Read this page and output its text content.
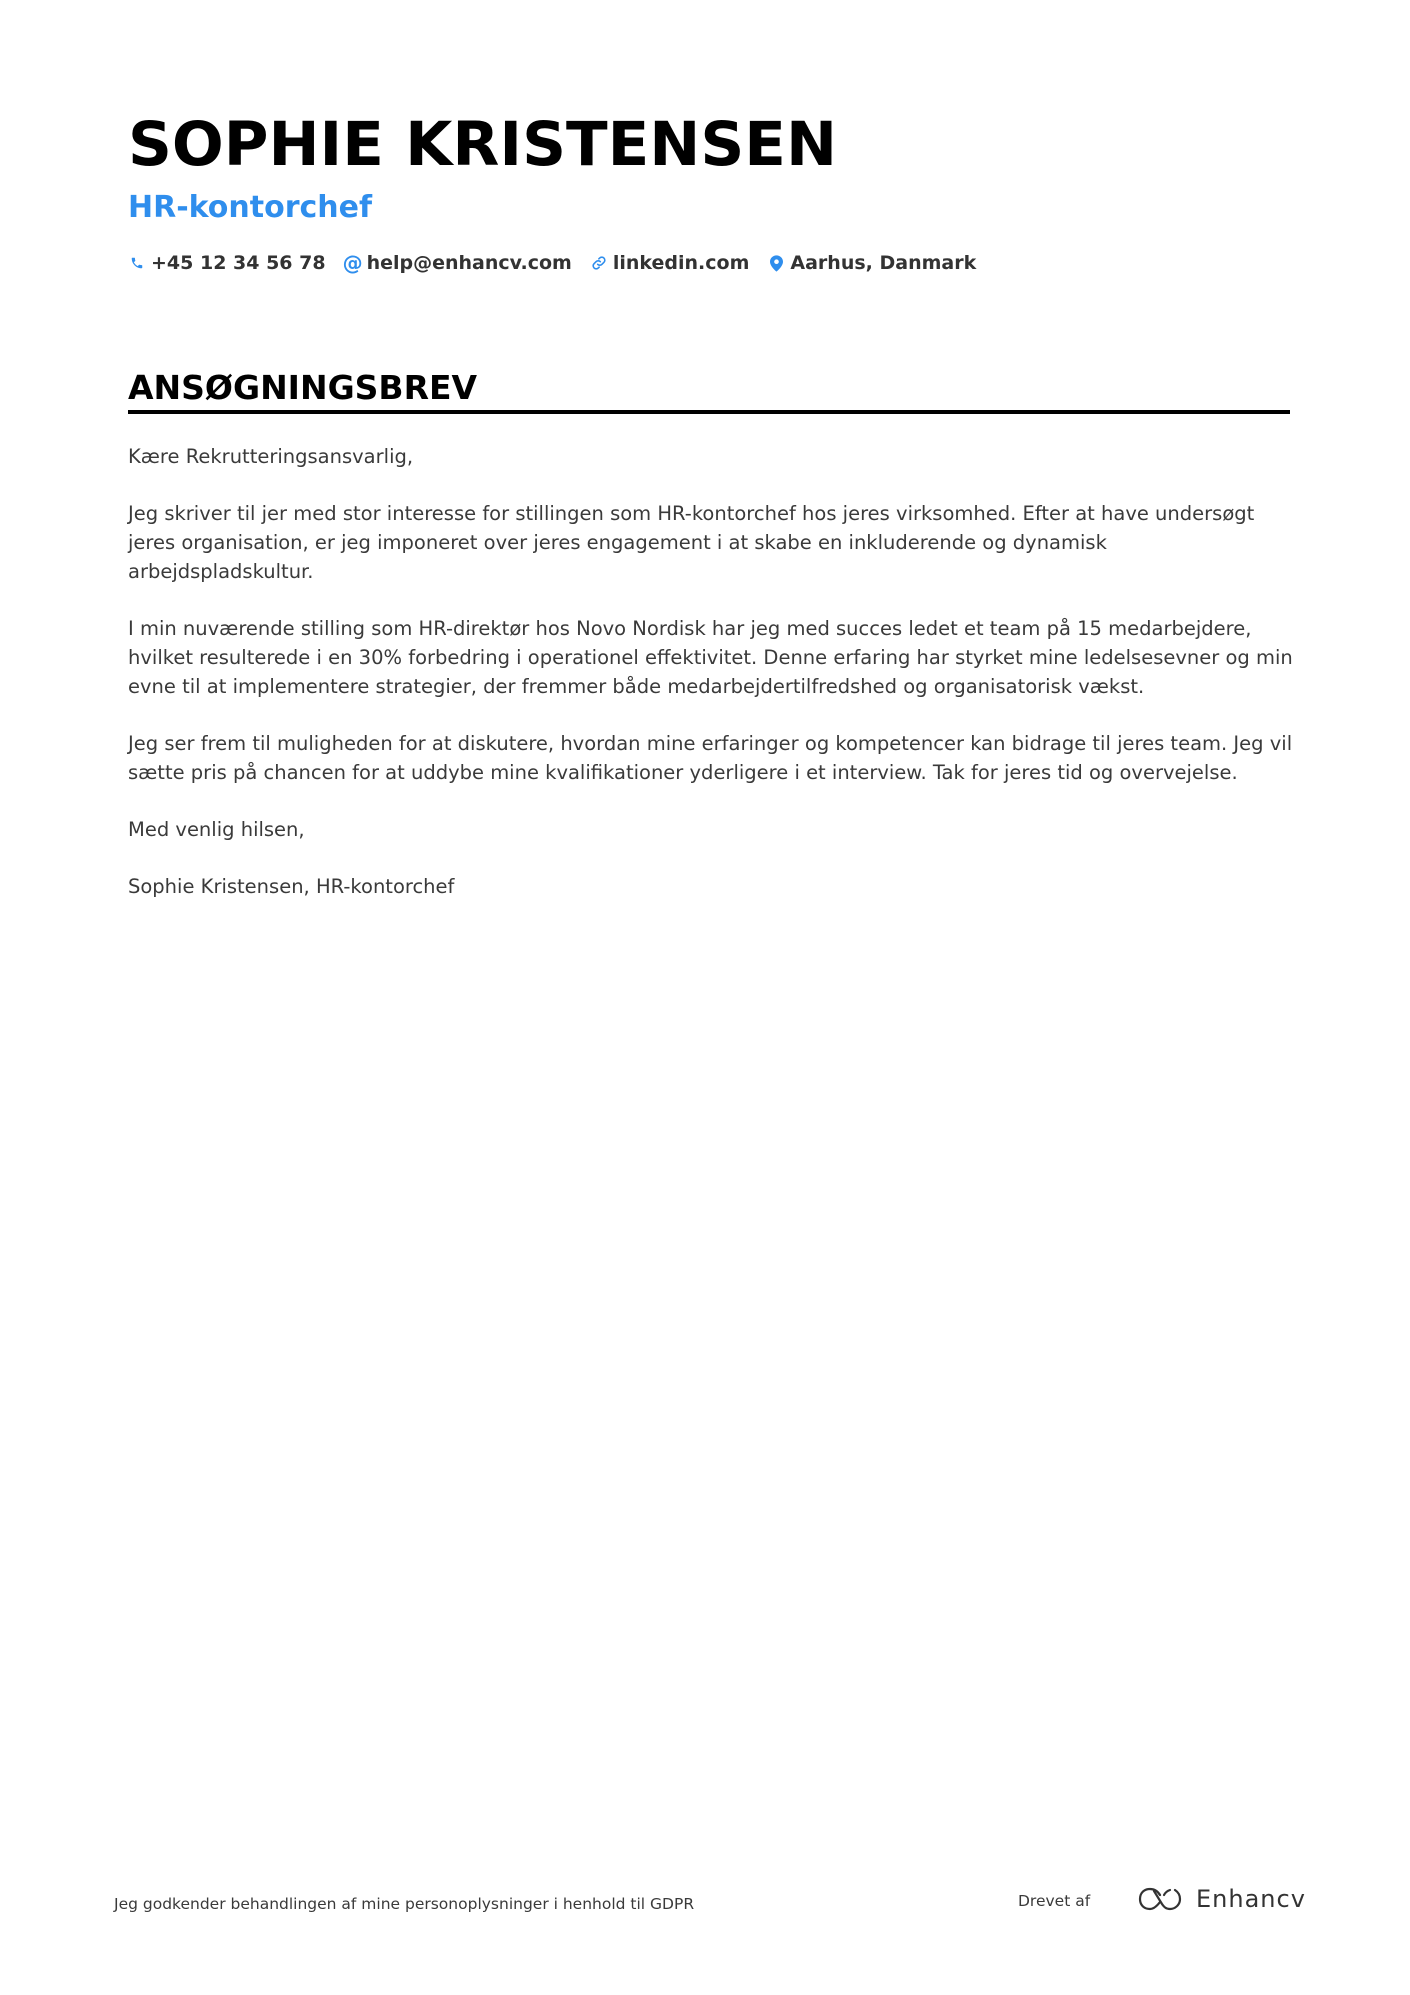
SOPHIE KRISTENSEN
HR-kontorchef
+45 12 34 56 78 @ help@enhancv.com linkedin.com Aarhus, Danmark
ANSØGNINGSBREV

Kære Rekrutteringsansvarlig,

Jeg skriver til jer med stor interesse for stillingen som HR-kontorchef hos jeres virksomhed. Efter at have undersøgt jeres organisation, er jeg imponeret over jeres engagement i at skabe en inkluderende og dynamisk arbejdspladskultur.

I min nuværende stilling som HR-direktør hos Novo Nordisk har jeg med succes ledet et team på 15 medarbejdere, hvilket resulterede i en 30% forbedring i operationel effektivitet. Denne erfaring har styrket mine ledelsesevner og min evne til at implementere strategier, der fremmer både medarbejdertilfredshed og organisatorisk vækst.

Jeg ser frem til muligheden for at diskutere, hvordan mine erfaringer og kompetencer kan bidrage til jeres team. Jeg vil sætte pris på chancen for at uddybe mine kvalifikationer yderligere i et interview. Tak for jeres tid og overvejelse.

Med venlig hilsen,

Sophie Kristensen, HR-kontorchef

Jeg godkender behandlingen af mine personoplysninger i henhold til GDPR	Drevet af	Enhancv
